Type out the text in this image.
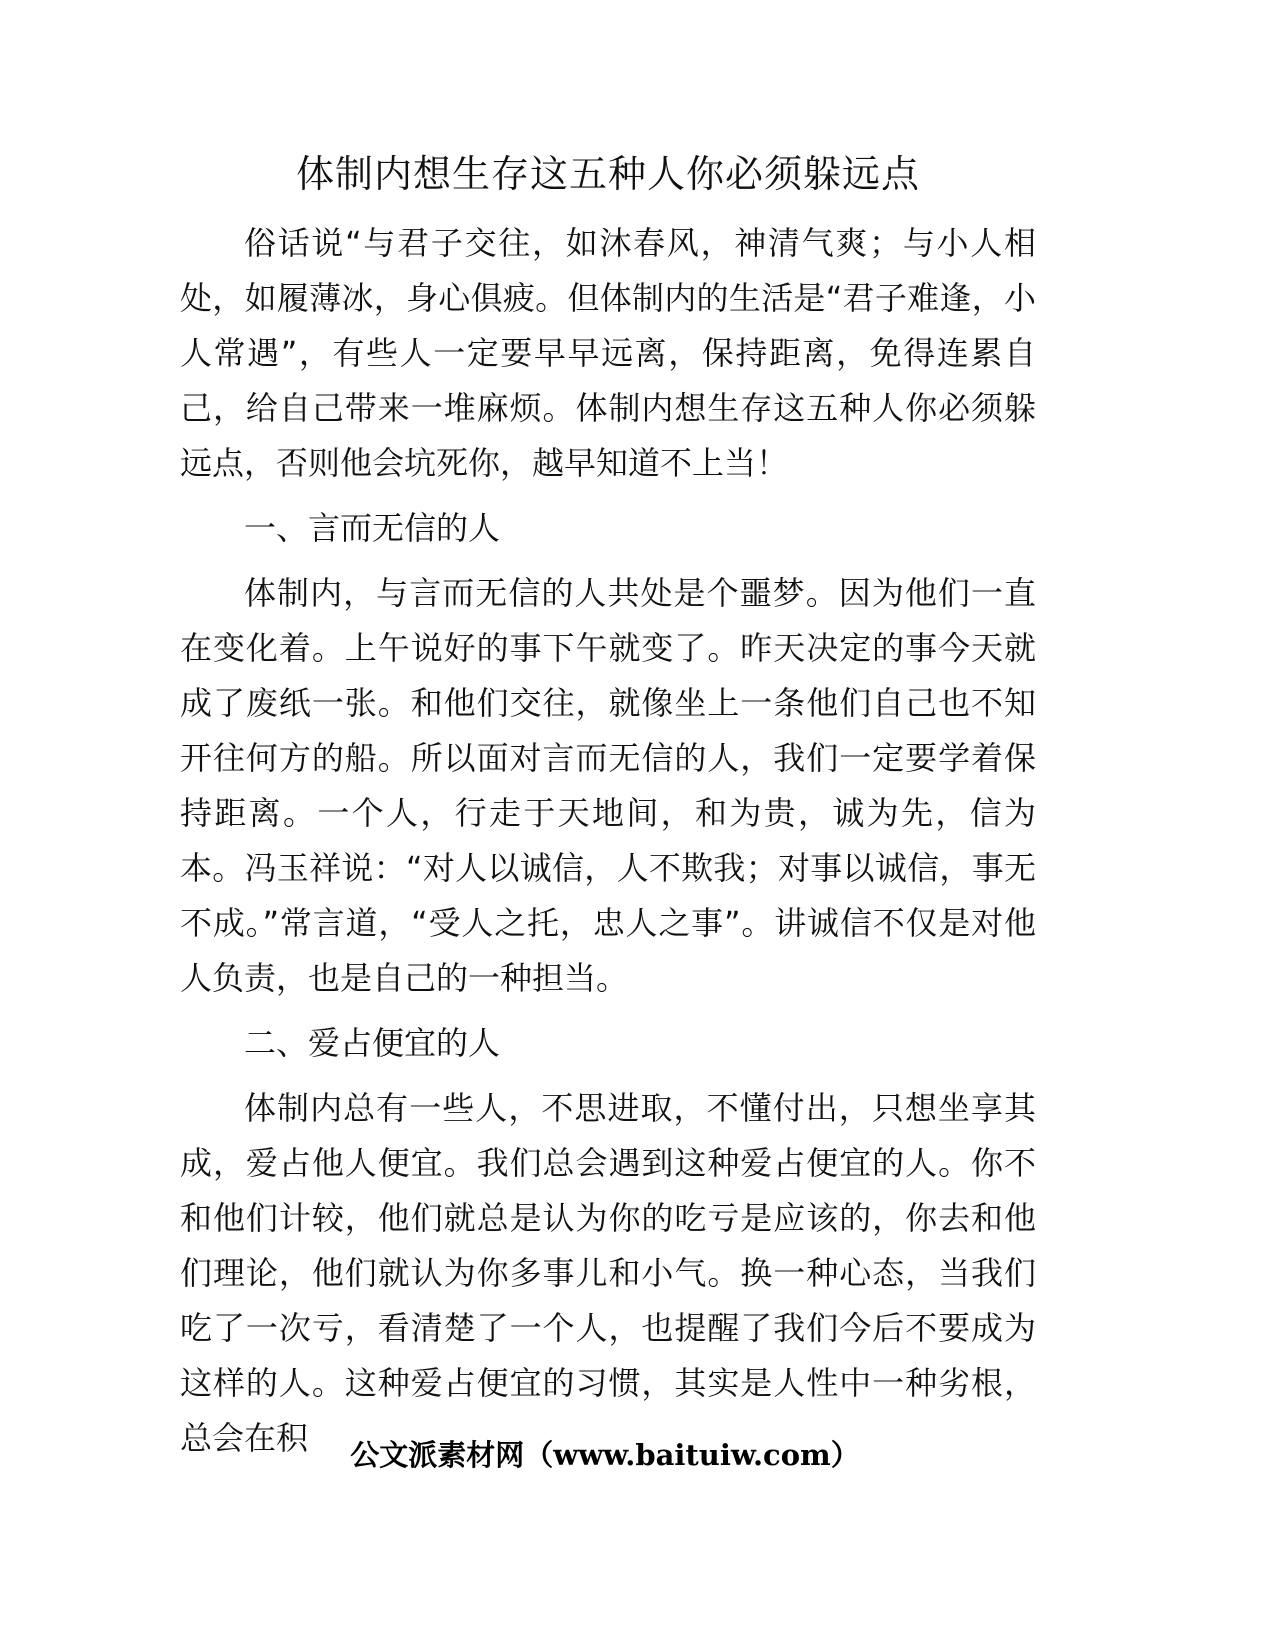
体制内想生存这五种人你必须躲远点

俗话说“与君子交往，如沐春风，神清气爽；与小人相处，如履薄冰，身心俱疲。但体制内的生活是“君子难逢，小人常遇”，有些人一定要早早远离，保持距离，免得连累自己，给自己带来一堆麻烦。体制内想生存这五种人你必须躲远点，否则他会坑死你，越早知道不上当！

一、言而无信的人

体制内，与言而无信的人共处是个噩梦。因为他们一直在变化着。上午说好的事下午就变了。昨天决定的事今天就成了废纸一张。和他们交往，就像坐上一条他们自己也不知开往何方的船。所以面对言而无信的人，我们一定要学着保持距离。一个人，行走于天地间，和为贵，诚为先，信为本。冯玉祥说：“对人以诚信，人不欺我；对事以诚信，事无不成。”常言道，“受人之托，忠人之事”。讲诚信不仅是对他人负责，也是自己的一种担当。

二、爱占便宜的人

体制内总有一些人，不思进取，不懂付出，只想坐享其成，爱占他人便宜。我们总会遇到这种爱占便宜的人。你不和他们计较，他们就总是认为你的吃亏是应该的，你去和他们理论，他们就认为你多事儿和小气。换一种心态，当我们吃了一次亏，看清楚了一个人，也提醒了我们今后不要成为这样的人。这种爱占便宜的习惯，其实是人性中一种劣根，总会在积	公文派素材网（www.baituiw.com）
